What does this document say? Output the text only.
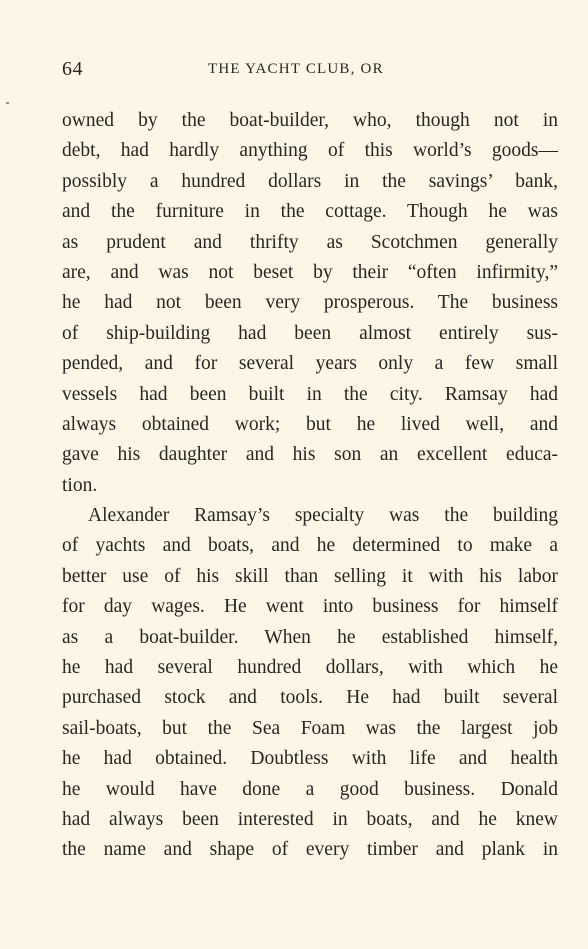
64	THE YACHT CLUB, OR
owned by the boat-builder, who, though not in
debt, had hardly anything of this world’s goods—
possibly a hundred dollars in the savings’ bank,
and the furniture in the cottage. Though he was
as prudent and thrifty as Scotchmen generally
are, and was not beset by their “often infirmity,”
he had not been very prosperous. The business
of ship-building had been almost entirely sus-
pended, and for several years only a few small
vessels had been built in the city. Ramsay had
always obtained work; but he lived well, and
gave his daughter and his son an excellent educa-
tion.
Alexander Ramsay’s specialty was the building
of yachts and boats, and he determined to make a
better use of his skill than selling it with his labor
for day wages. He went into business for himself
as a boat-builder. When he established himself,
he had several hundred dollars, with which he
purchased stock and tools. He had built several
sail-boats, but the Sea Foam was the largest job
he had obtained. Doubtless with life and health
he would have done a good business. Donald
had always been interested in boats, and he knew
the name and shape of every timber and plank in
